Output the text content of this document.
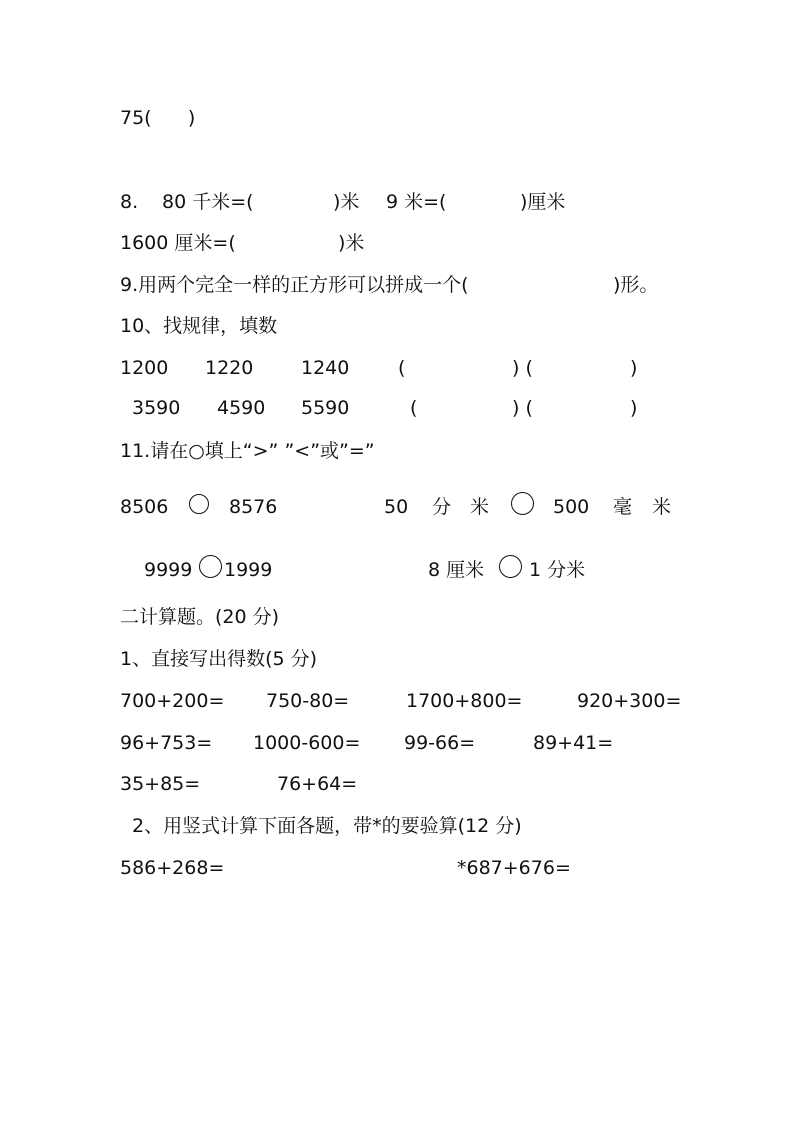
75(      )
8. 80 千米=(	)米 9 米=(	)厘米
1600 厘米=(	)米
9.用两个完全一样的正方形可以拼成一个(	)形。
10、找规律，填数
1200 1220	1240	(	) (	)
3590 4590 5590	(	) (	)
11.请在○填上“>” ”<”或”=”
8506	8576	50 分 米	500 毫 米
9999 1999	8 厘米 1 分米
二计算题。(20 分)
1、直接写出得数(5 分)
700+200= 750-80=	1700+800=	920+300=
96+753= 1000-600= 99-66=	89+41=
35+85=	76+64=
2、用竖式计算下面各题，带*的要验算(12 分)
586+268=	*687+676=
